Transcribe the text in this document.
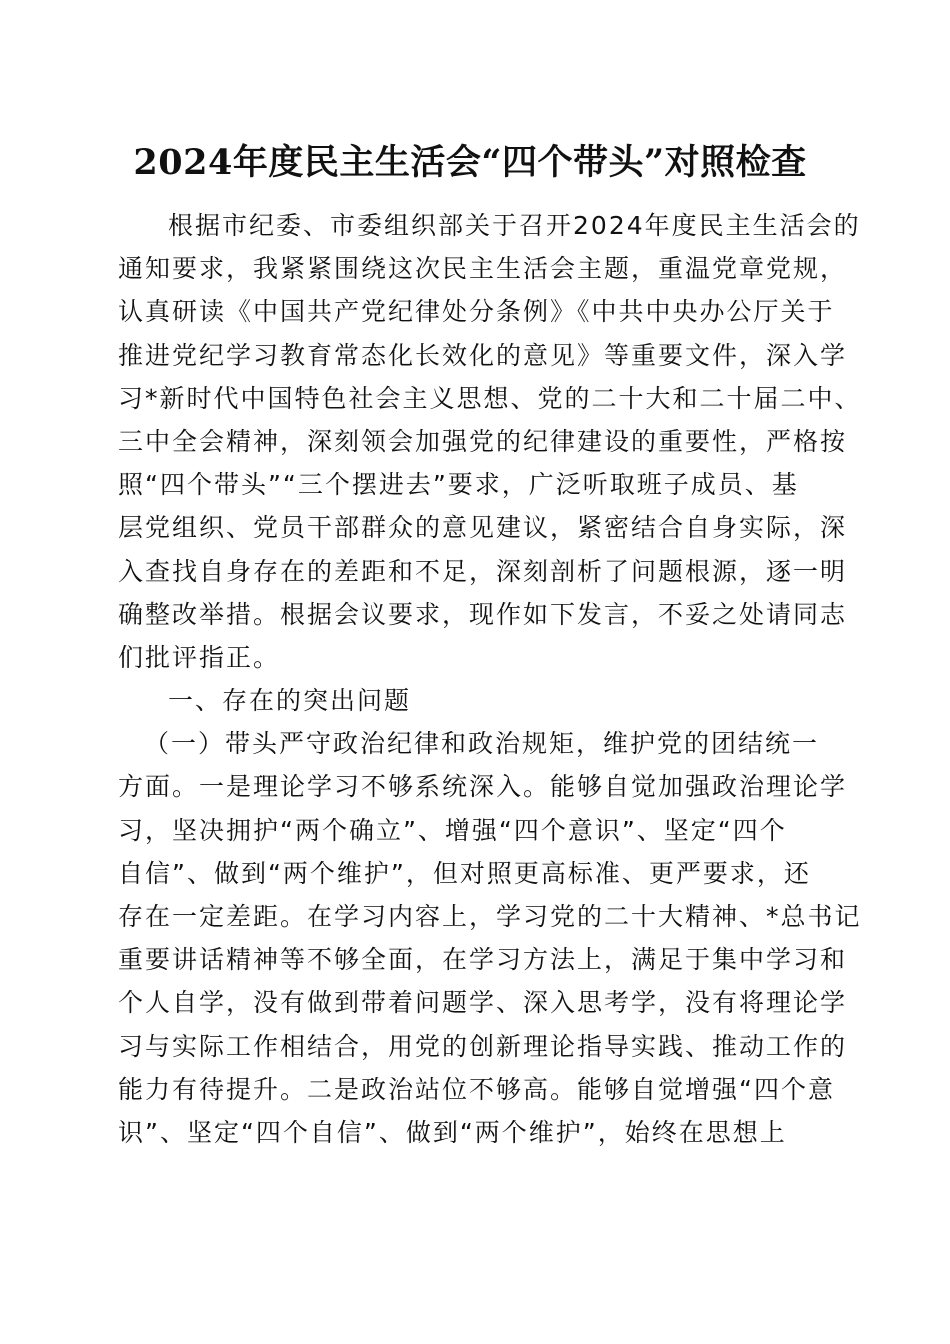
2024年度民主生活会“四个带头”对照检查
根据市纪委、市委组织部关于召开2024年度民主生活会的
通知要求，我紧紧围绕这次民主生活会主题，重温党章党规，
认真研读《中国共产党纪律处分条例》《中共中央办公厅关于
推进党纪学习教育常态化长效化的意见》等重要文件，深入学
习*新时代中国特色社会主义思想、党的二十大和二十届二中、
三中全会精神，深刻领会加强党的纪律建设的重要性，严格按
照“四个带头”“三个摆进去”要求，广泛听取班子成员、基
层党组织、党员干部群众的意见建议，紧密结合自身实际，深
入查找自身存在的差距和不足，深刻剖析了问题根源，逐一明
确整改举措。根据会议要求，现作如下发言，不妥之处请同志
们批评指正。
一、存在的突出问题
（一）带头严守政治纪律和政治规矩，维护党的团结统一
方面。一是理论学习不够系统深入。能够自觉加强政治理论学
习，坚决拥护“两个确立”、增强“四个意识”、坚定“四个
自信”、做到“两个维护”，但对照更高标准、更严要求，还
存在一定差距。在学习内容上，学习党的二十大精神、*总书记
重要讲话精神等不够全面，在学习方法上，满足于集中学习和
个人自学，没有做到带着问题学、深入思考学，没有将理论学
习与实际工作相结合，用党的创新理论指导实践、推动工作的
能力有待提升。二是政治站位不够高。能够自觉增强“四个意
识”、坚定“四个自信”、做到“两个维护”，始终在思想上
